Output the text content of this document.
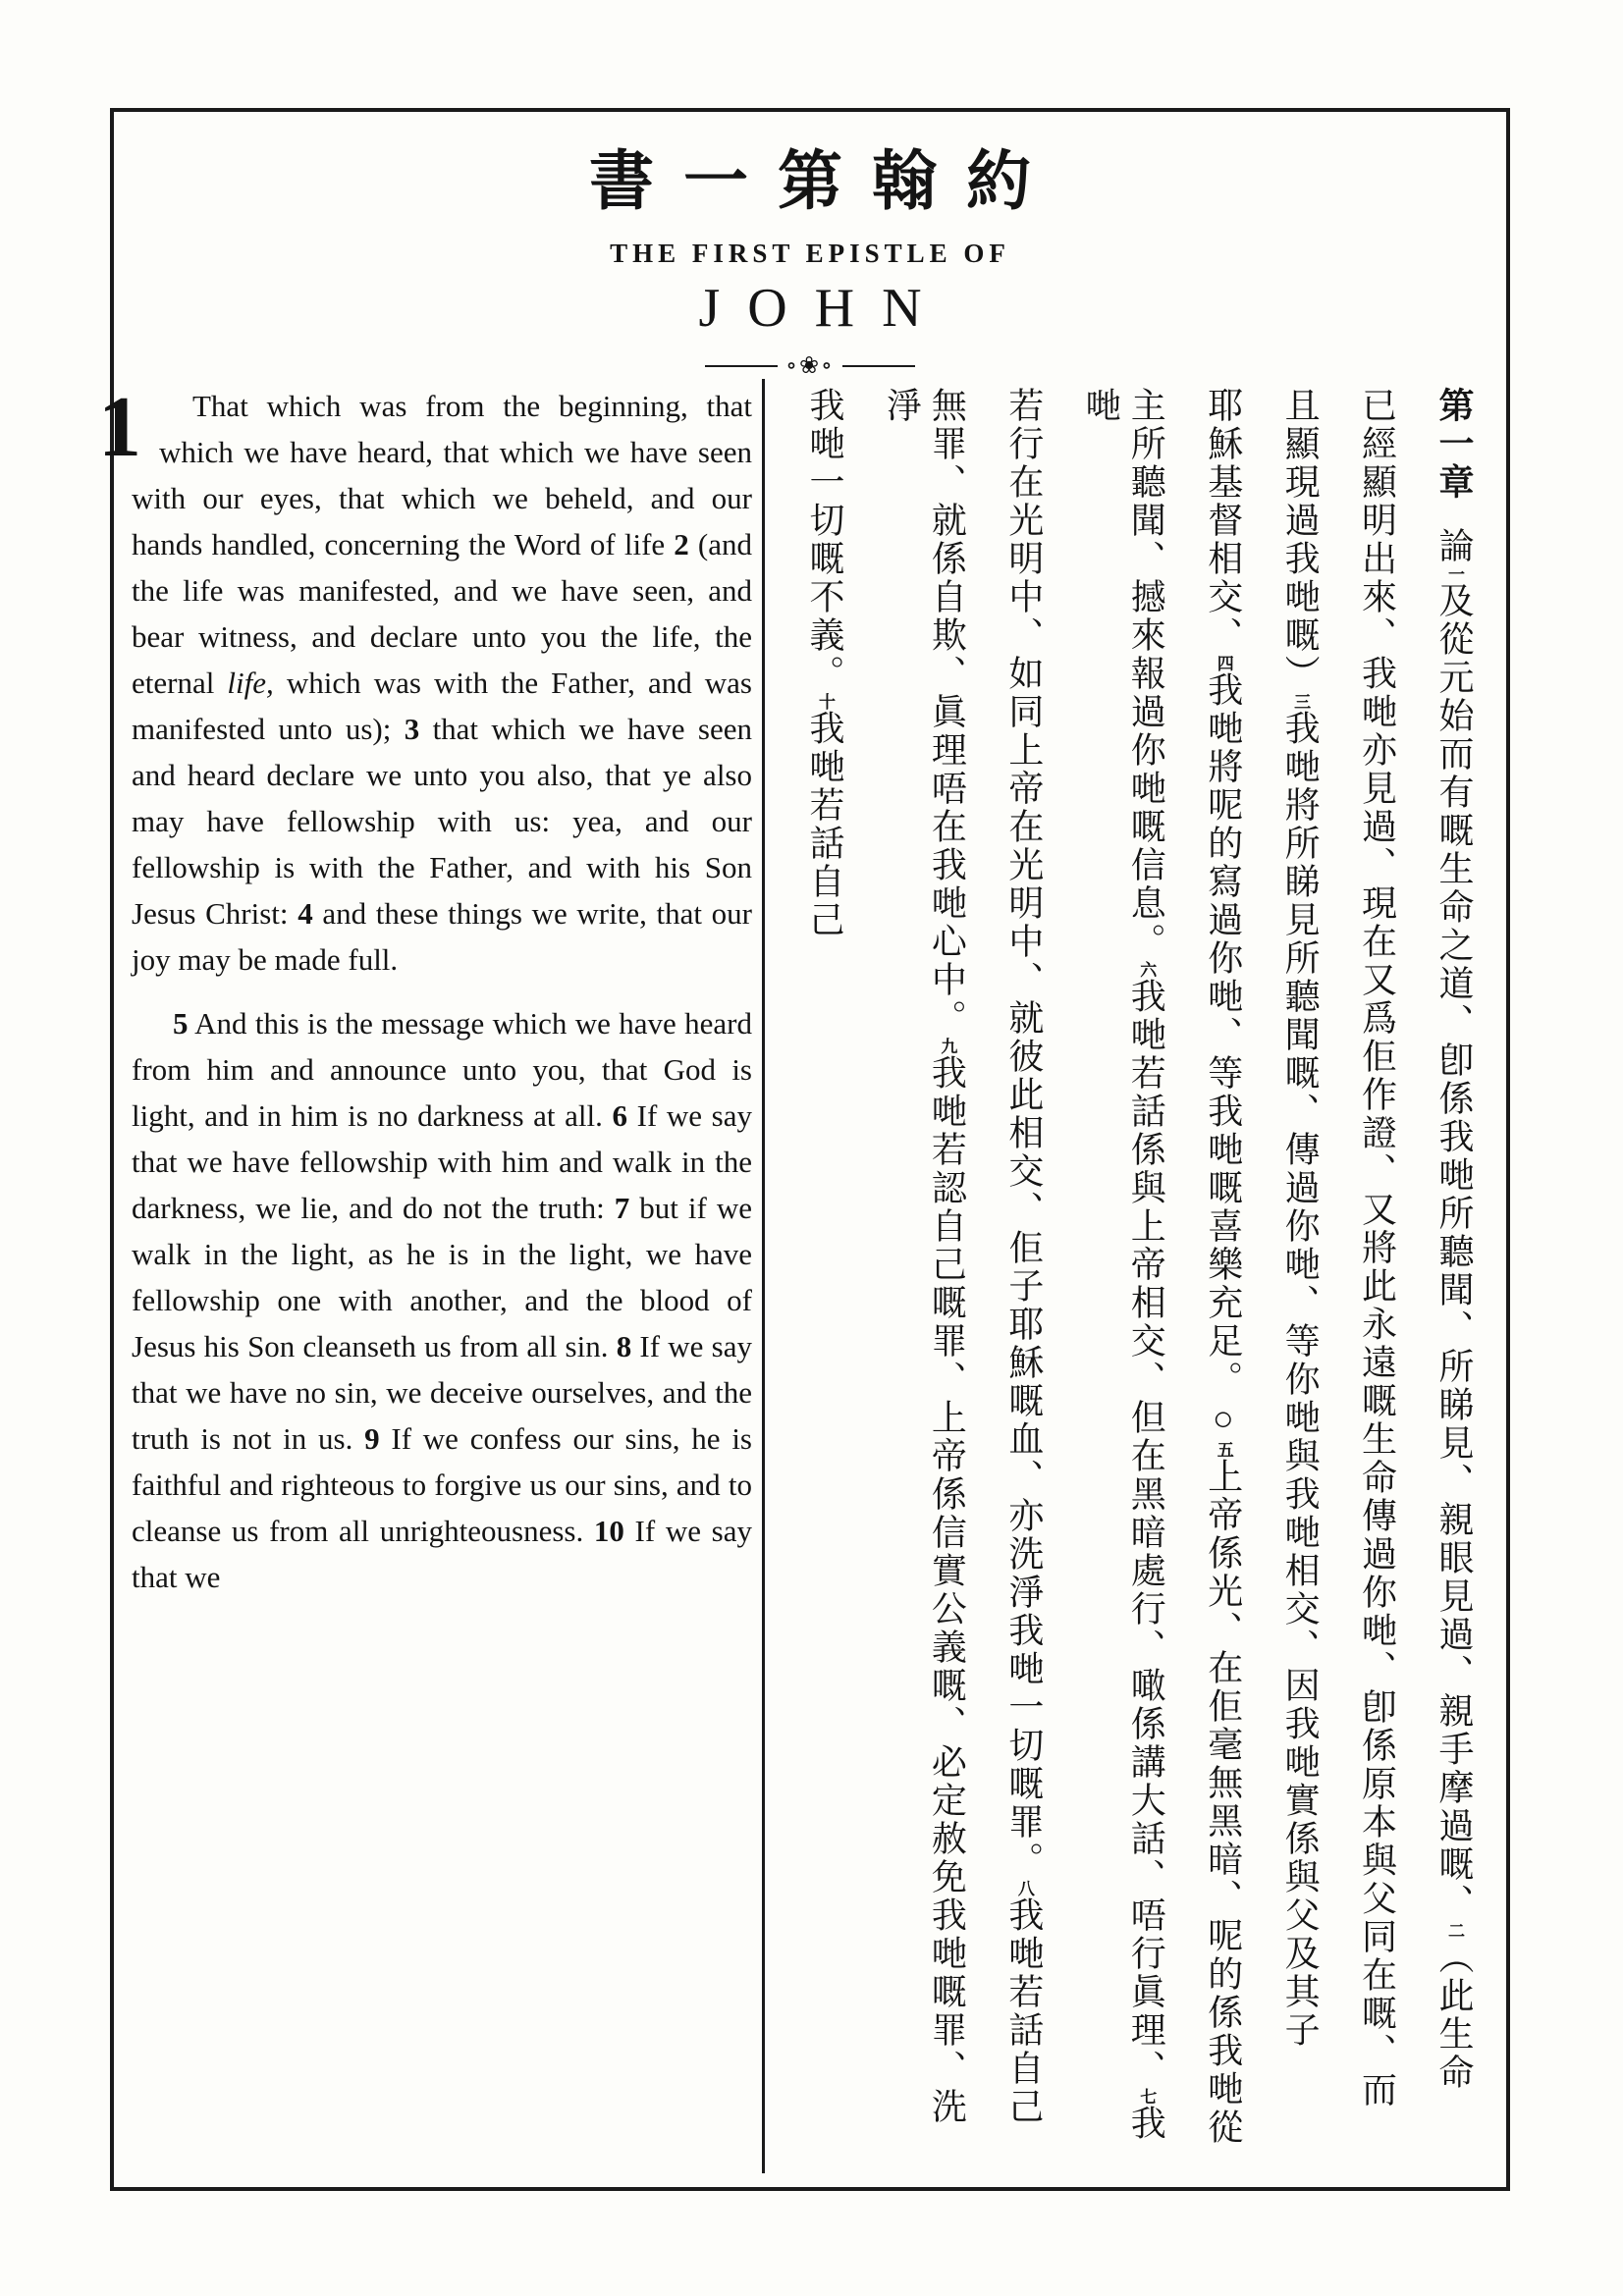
書一第翰約
THE FIRST EPISTLE OF
JOHN
∘❀∘

1 That which was from the beginning, that which we have heard, that which we have seen with our eyes, that which we beheld, and our hands handled, concerning the Word of life 2 (and the life was manifested, and we have seen, and bear witness, and declare unto you the life, the eternal life, which was with the Father, and was manifested unto us); 3 that which we have seen and heard declare we unto you also, that ye also may have fellowship with us: yea, and our fellowship is with the Father, and with his Son Jesus Christ: 4 and these things we write, that our joy may be made full.

5 And this is the message which we have heard from him and announce unto you, that God is light, and in him is no darkness at all. 6 If we say that we have fellowship with him and walk in the darkness, we lie, and do not the truth: 7 but if we walk in the light, as he is in the light, we have fellowship one with another, and the blood of Jesus his Son cleanseth us from all sin. 8 If we say that we have no sin, we deceive ourselves, and the truth is not in us. 9 If we confess our sins, he is faithful and righteous to forgive us our sins, and to cleanse us from all unrighteousness. 10 If we say that we

第一章論一及從元始而有嘅生命之道、卽係我哋所聽聞、所睇見、親眼見過、親手摩過嘅、二（此生命
已經顯明出來、我哋亦見過、現在又爲佢作證、又將此永遠嘅生命傳過你哋、卽係原本與父同在嘅、而
且顯現過我哋嘅）三我哋將所睇見所聽聞嘅、傳過你哋、等你哋與我哋相交、因我哋實係與父及其子
耶穌基督相交、四我哋將呢的寫過你哋、等我哋嘅喜樂充足。○五上帝係光、在佢毫無黑暗、呢的係我哋從
主所聽聞、撼來報過你哋嘅信息。六我哋若話係與上帝相交、但在黑暗處行、噉係講大話、唔行眞理、七我哋
若行在光明中、如同上帝在光明中、就彼此相交、佢子耶穌嘅血、亦洗淨我哋一切嘅罪。八我哋若話自己
無罪、就係自欺、眞理唔在我哋心中。九我哋若認自己嘅罪、上帝係信實公義嘅、必定赦免我哋嘅罪、洗淨
我哋一切嘅不義。十我哋若話自己
